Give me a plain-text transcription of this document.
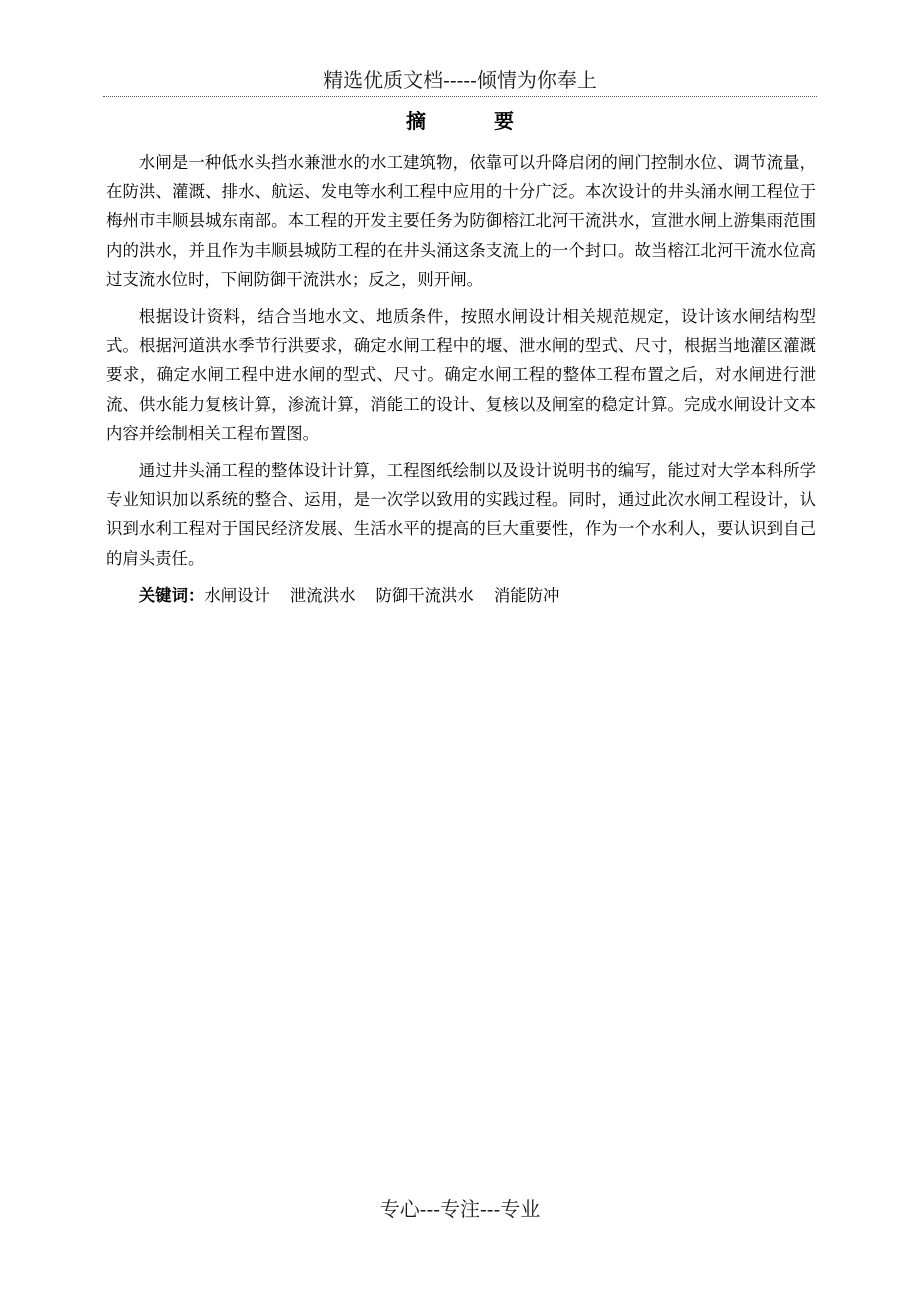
精选优质文档-----倾情为你奉上
摘	要

水闸是一种低水头挡水兼泄水的水工建筑物，依靠可以升降启闭的闸门控制水位、调节流量，在防洪、灌溉、排水、航运、发电等水利工程中应用的十分广泛。本次设计的井头涌水闸工程位于梅州市丰顺县城东南部。本工程的开发主要任务为防御榕江北河干流洪水，宣泄水闸上游集雨范围内的洪水，并且作为丰顺县城防工程的在井头涌这条支流上的一个封口。故当榕江北河干流水位高过支流水位时，下闸防御干流洪水；反之，则开闸。

根据设计资料，结合当地水文、地质条件，按照水闸设计相关规范规定，设计该水闸结构型式。根据河道洪水季节行洪要求，确定水闸工程中的堰、泄水闸的型式、尺寸，根据当地灌区灌溉要求，确定水闸工程中进水闸的型式、尺寸。确定水闸工程的整体工程布置之后，对水闸进行泄流、供水能力复核计算，渗流计算，消能工的设计、复核以及闸室的稳定计算。完成水闸设计文本内容并绘制相关工程布置图。

通过井头涌工程的整体设计计算，工程图纸绘制以及设计说明书的编写，能过对大学本科所学专业知识加以系统的整合、运用，是一次学以致用的实践过程。同时，通过此次水闸工程设计，认识到水利工程对于国民经济发展、生活水平的提高的巨大重要性，作为一个水利人，要认识到自己的肩头责任。

关键词：水闸设计 泄流洪水 防御干流洪水 消能防冲
专心---专注---专业
